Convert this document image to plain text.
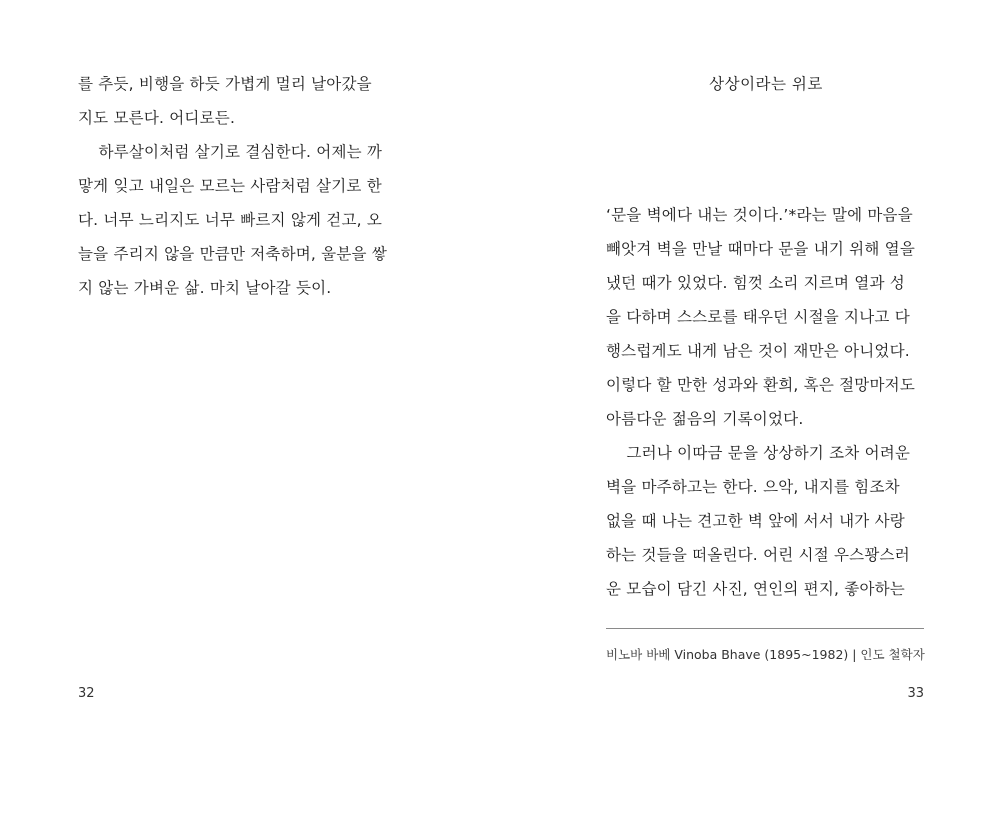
를 추듯, 비행을 하듯 가볍게 멀리 날아갔을
지도 모른다. 어디로든.
하루살이처럼 살기로 결심한다. 어제는 까
맣게 잊고 내일은 모르는 사람처럼 살기로 한
다. 너무 느리지도 너무 빠르지 않게 걷고, 오
늘을 주리지 않을 만큼만 저축하며, 울분을 쌓
지 않는 가벼운 삶. 마치 날아갈 듯이.
32
상상이라는 위로
‘문을 벽에다 내는 것이다.’*라는 말에 마음을
빼앗겨 벽을 만날 때마다 문을 내기 위해 열을
냈던 때가 있었다. 힘껏 소리 지르며 열과 성
을 다하며 스스로를 태우던 시절을 지나고 다
행스럽게도 내게 남은 것이 재만은 아니었다.
이렇다 할 만한 성과와 환희, 혹은 절망마저도
아름다운 젊음의 기록이었다.
그러나 이따금 문을 상상하기 조차 어려운
벽을 마주하고는 한다. 으악, 내지를 힘조차
없을 때 나는 견고한 벽 앞에 서서 내가 사랑
하는 것들을 떠올린다. 어린 시절 우스꽝스러
운 모습이 담긴 사진, 연인의 편지, 좋아하는
비노바 바베 Vinoba Bhave (1895~1982) | 인도 철학자
33
